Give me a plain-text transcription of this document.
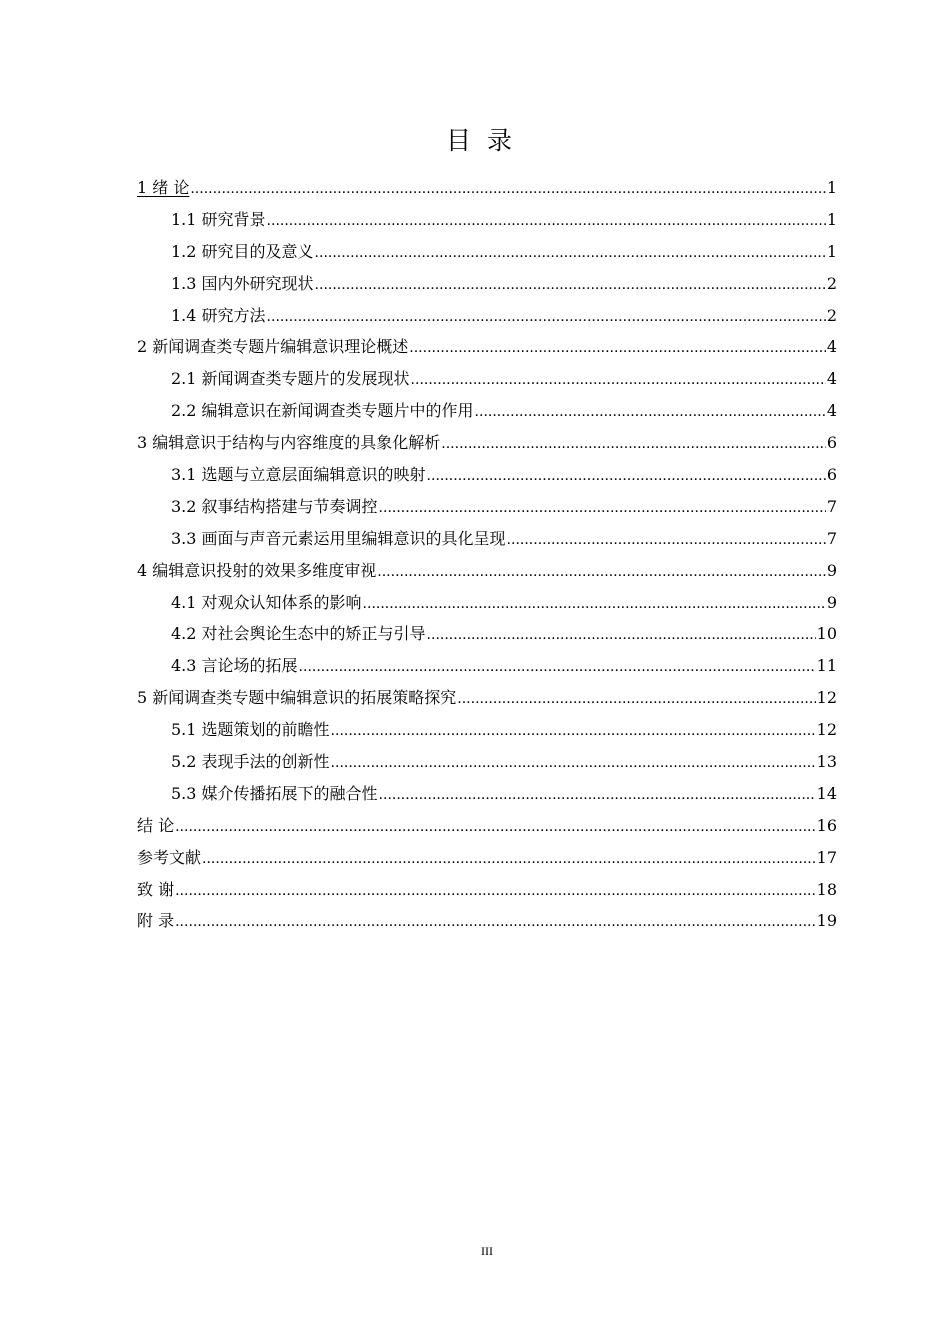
目录
1 绪 论 .....	1
1.1 研究背景 .....	1
1.2 研究目的及意义 .....	1
1.3 国内外研究现状 .....	2
1.4 研究方法 .....	2
2 新闻调查类专题片编辑意识理论概述 .....	4
2.1 新闻调查类专题片的发展现状 .....	4
2.2 编辑意识在新闻调查类专题片中的作用 .....	4
3 编辑意识于结构与内容维度的具象化解析 .....	6
3.1 选题与立意层面编辑意识的映射 .....	6
3.2 叙事结构搭建与节奏调控 .....	7
3.3 画面与声音元素运用里编辑意识的具化呈现 .....	7
4 编辑意识投射的效果多维度审视 .....	9
4.1 对观众认知体系的影响 .....	9
4.2 对社会舆论生态中的矫正与引导 .....	10
4.3 言论场的拓展 .....	11
5 新闻调查类专题中编辑意识的拓展策略探究 .....	12
5.1 选题策划的前瞻性 .....	12
5.2 表现手法的创新性 .....	13
5.3 媒介传播拓展下的融合性 .....	14
结 论 .....	16
参考文献 .....	17
致 谢 .....	18
附 录 .....	19
III
